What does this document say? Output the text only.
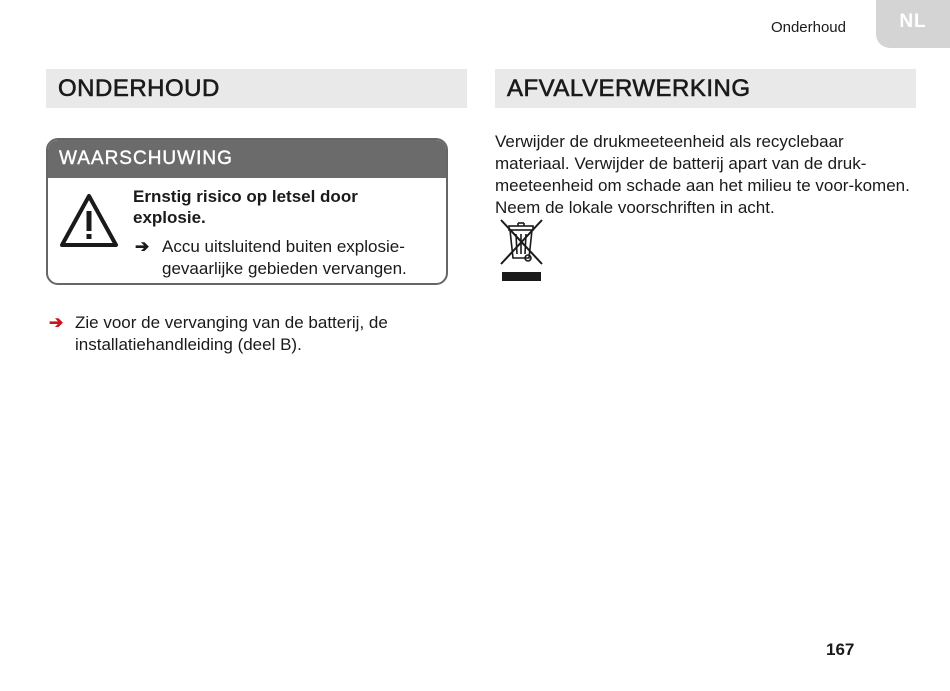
Onderhoud	NL
ONDERHOUD	AFVALVERWERKING
WAARSCHUWING
Ernstig risico op letsel door explosie.
➔ Accu uitsluitend buiten explosie-gevaarlijke gebieden vervangen.
➔ Zie voor de vervanging van de batterij, de installatiehandleiding (deel B).
Verwijder de drukmeeteenheid als recyclebaar materiaal. Verwijder de batterij apart van de druk-meeteenheid om schade aan het milieu te voor-komen. Neem de lokale voorschriften in acht.
167
